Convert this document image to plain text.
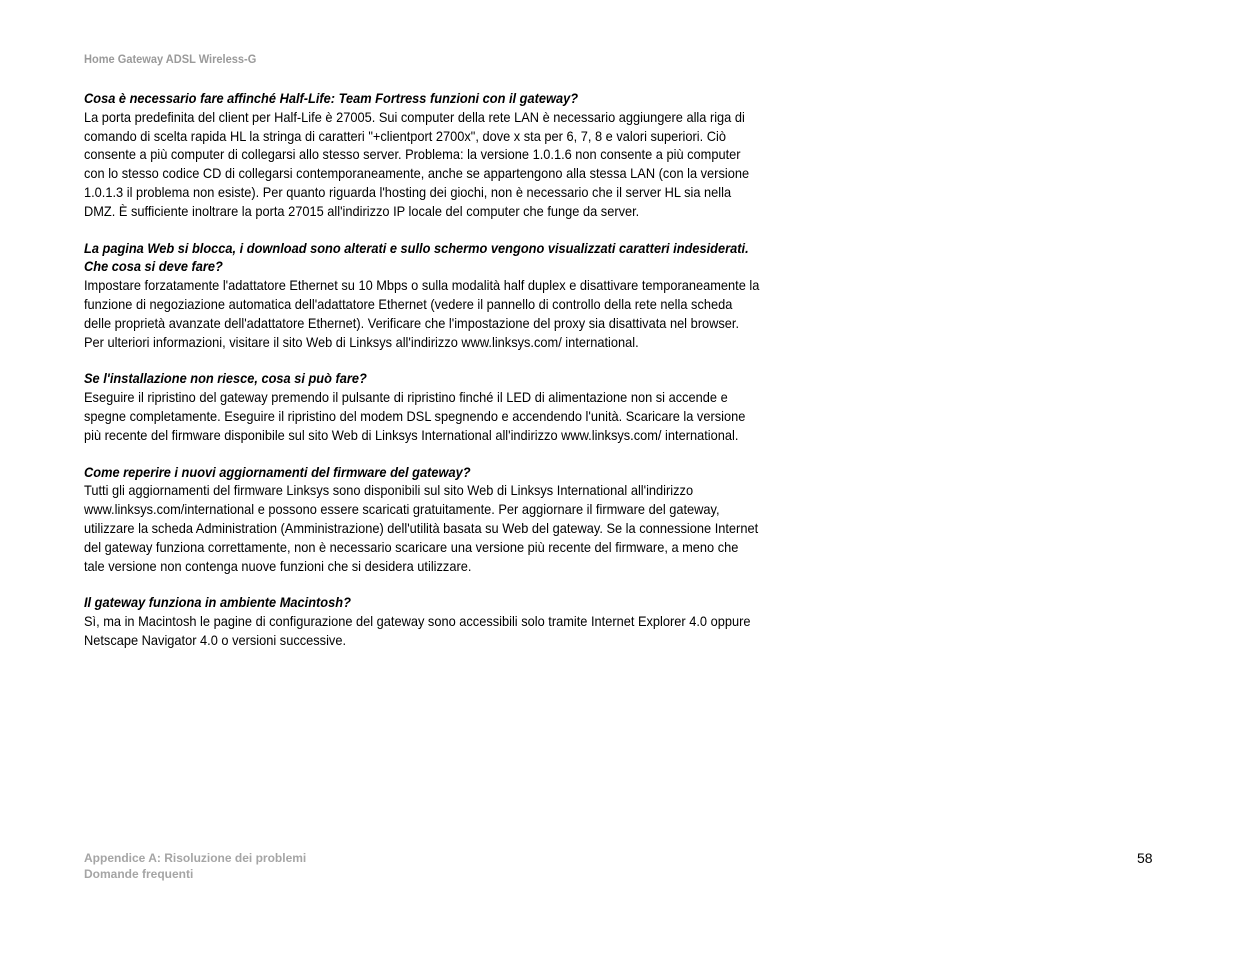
Home Gateway ADSL Wireless-G

Cosa è necessario fare affinché Half-Life: Team Fortress funzioni con il gateway?

La porta predefinita del client per Half-Life è 27005. Sui computer della rete LAN è necessario aggiungere alla riga di comando di scelta rapida HL la stringa di caratteri "+clientport 2700x", dove x sta per 6, 7, 8 e valori superiori. Ciò consente a più computer di collegarsi allo stesso server. Problema: la versione 1.0.1.6 non consente a più computer con lo stesso codice CD di collegarsi contemporaneamente, anche se appartengono alla stessa LAN (con la versione 1.0.1.3 il problema non esiste). Per quanto riguarda l'hosting dei giochi, non è necessario che il server HL sia nella DMZ. È sufficiente inoltrare la porta 27015 all'indirizzo IP locale del computer che funge da server.

La pagina Web si blocca, i download sono alterati e sullo schermo vengono visualizzati caratteri indesiderati. Che cosa si deve fare?

Impostare forzatamente l'adattatore Ethernet su 10 Mbps o sulla modalità half duplex e disattivare temporaneamente la funzione di negoziazione automatica dell'adattatore Ethernet (vedere il pannello di controllo della rete nella scheda delle proprietà avanzate dell'adattatore Ethernet). Verificare che l'impostazione del proxy sia disattivata nel browser. Per ulteriori informazioni, visitare il sito Web di Linksys all'indirizzo www.linksys.com/ international.

Se l'installazione non riesce, cosa si può fare?

Eseguire il ripristino del gateway premendo il pulsante di ripristino finché il LED di alimentazione non si accende e spegne completamente. Eseguire il ripristino del modem DSL spegnendo e accendendo l'unità. Scaricare la versione più recente del firmware disponibile sul sito Web di Linksys International all'indirizzo www.linksys.com/ international.

Come reperire i nuovi aggiornamenti del firmware del gateway?

Tutti gli aggiornamenti del firmware Linksys sono disponibili sul sito Web di Linksys International all'indirizzo www.linksys.com/international e possono essere scaricati gratuitamente. Per aggiornare il firmware del gateway, utilizzare la scheda Administration (Amministrazione) dell'utilità basata su Web del gateway. Se la connessione Internet del gateway funziona correttamente, non è necessario scaricare una versione più recente del firmware, a meno che tale versione non contenga nuove funzioni che si desidera utilizzare.

Il gateway funziona in ambiente Macintosh?

Sì, ma in Macintosh le pagine di configurazione del gateway sono accessibili solo tramite Internet Explorer 4.0 oppure Netscape Navigator 4.0 o versioni successive.

Appendice A: Risoluzione dei problemi
Domande frequenti
58
